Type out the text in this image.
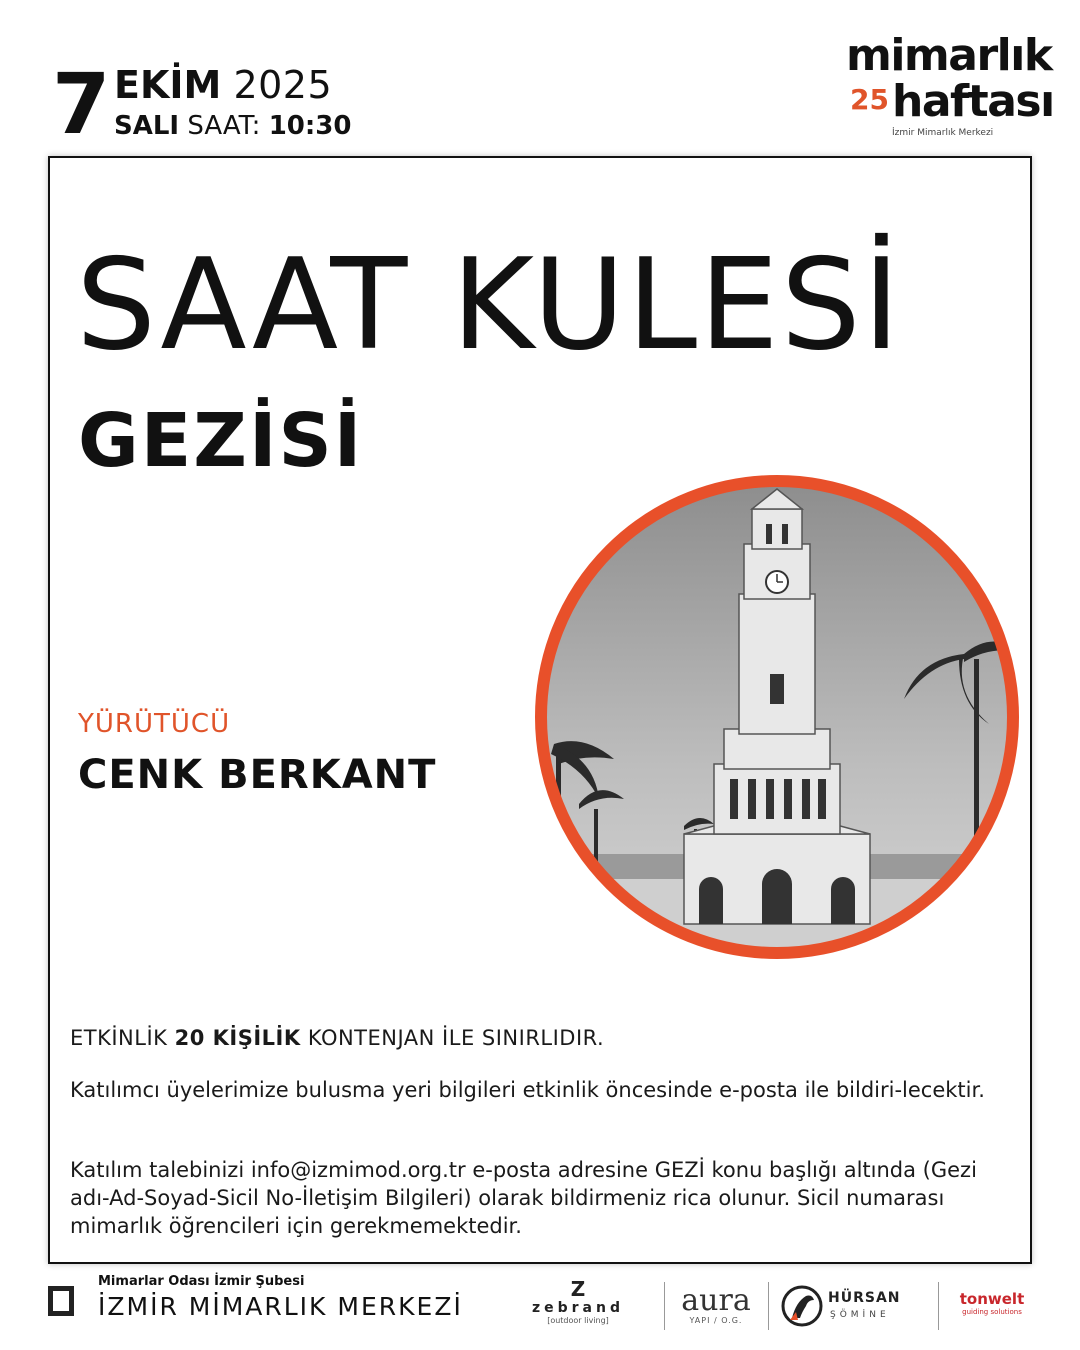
7 EKİM 2025
SALI SAAT: 10:30
mimarlık
25 haftası
İzmir Mimarlık Merkezi
SAAT KULESİ
GEZİSİ
YÜRÜTÜCÜ
CENK BERKANT
ETKİNLİK 20 KİŞİLİK KONTENJAN İLE SINIRLIDIR.
Katılımcı üyelerimize bulusma yeri bilgileri etkinlik öncesinde e-posta ile bildiri-lecektir.
Katılım talebinizi info@izmimod.org.tr e-posta adresine GEZİ konu başlığı altında (Gezi adı-Ad-Soyad-Sicil No-İletişim Bilgileri) olarak bildirmeniz rica olunur. Sicil numarası mimarlık öğrencileri için gerekmemektedir.
Mimarlar Odası İzmir Şubesi
İZMİR MİMARLIK MERKEZİ
Z
zebrand
[outdoor living]
aura
YAPI / O.G.
HÜRSAN
ŞÖMİNE
tonwelt
guiding solutions
